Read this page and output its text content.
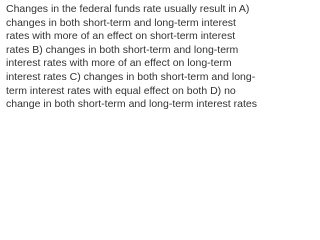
Changes in the federal funds rate usually result in A) changes in both short-term and long-term interest rates with more of an effect on short-term interest rates B) changes in both short-term and long-term interest rates with more of an effect on long-term interest rates C) changes in both short-term and long-term interest rates with equal effect on both D) no change in both short-term and long-term interest rates
